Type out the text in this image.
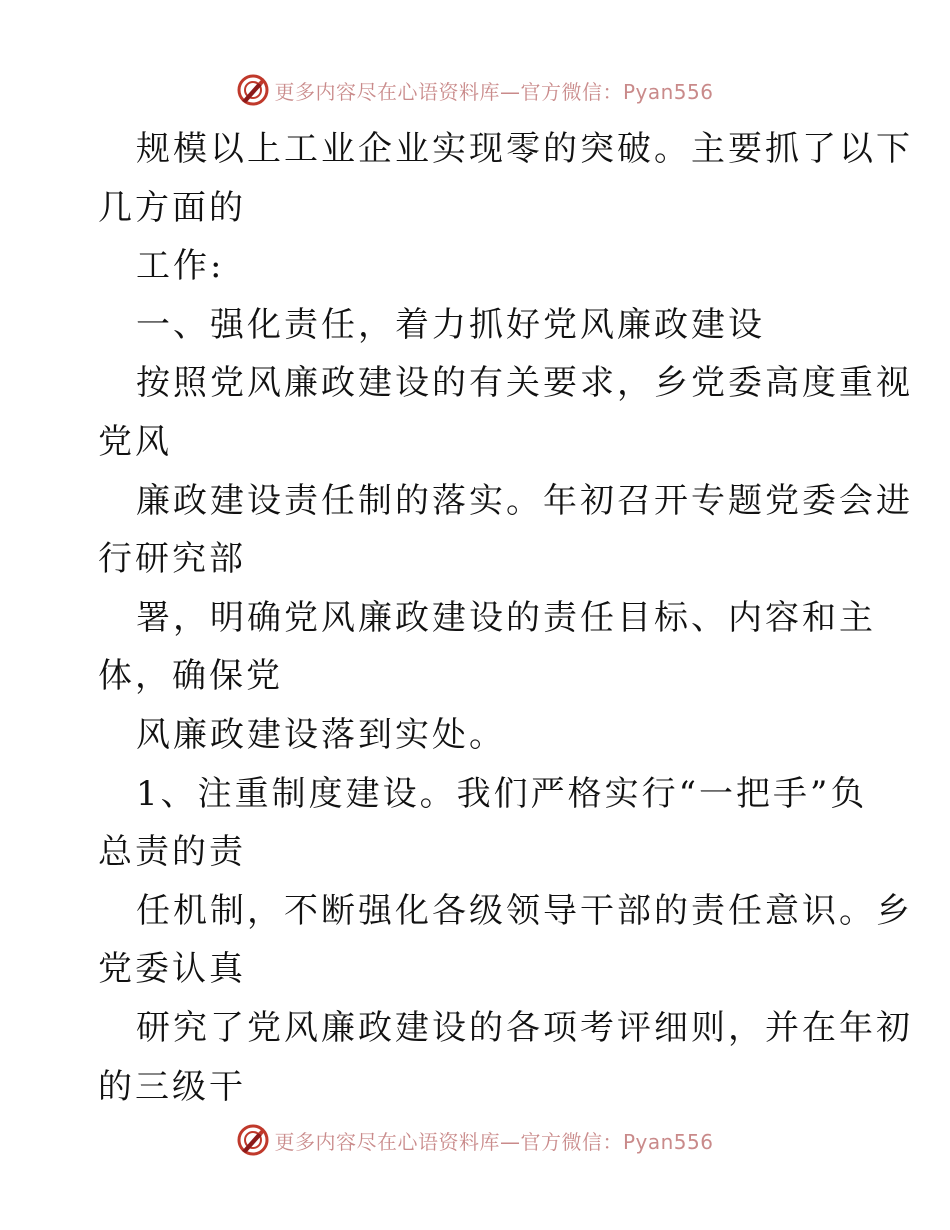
更多内容尽在心语资料库—官方微信：Pyan556
规模以上工业企业实现零的突破。主要抓了以下
几方面的
工作:
一、强化责任，着力抓好党风廉政建设
按照党风廉政建设的有关要求，乡党委高度重视
党风
廉政建设责任制的落实。年初召开专题党委会进
行研究部
署，明确党风廉政建设的责任目标、内容和主
体，确保党
风廉政建设落到实处。
1、注重制度建设。我们严格实行“一把手”负
总责的责
任机制，不断强化各级领导干部的责任意识。乡
党委认真
研究了党风廉政建设的各项考评细则，并在年初
的三级干
更多内容尽在心语资料库—官方微信：Pyan556
